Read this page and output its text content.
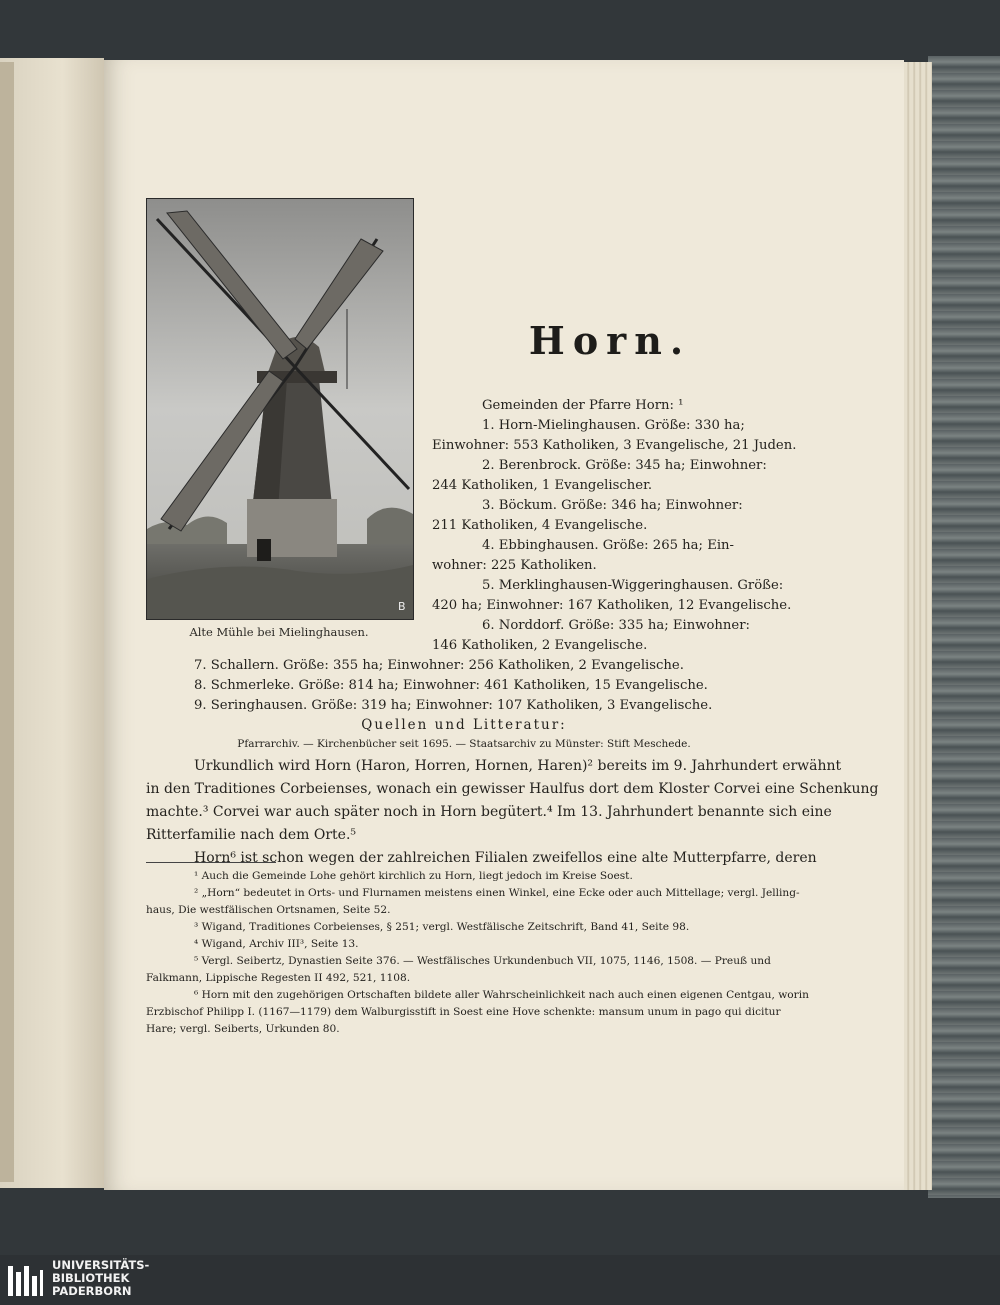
Alte Mühle bei Mielinghausen.
Horn.
Gemeinden der Pfarre Horn: ¹
1. Horn-Mielinghausen. Größe: 330 ha;
Einwohner: 553 Katholiken, 3 Evangelische, 21 Juden.
2. Berenbrock. Größe: 345 ha; Einwohner:
244 Katholiken, 1 Evangelischer.
3. Böckum. Größe: 346 ha; Einwohner:
211 Katholiken, 4 Evangelische.
4. Ebbinghausen. Größe: 265 ha; Ein-
wohner: 225 Katholiken.
5. Merklinghausen-Wiggeringhausen. Größe:
420 ha; Einwohner: 167 Katholiken, 12 Evangelische.
6. Norddorf. Größe: 335 ha; Einwohner:
146 Katholiken, 2 Evangelische.
7. Schallern. Größe: 355 ha; Einwohner: 256 Katholiken, 2 Evangelische.
8. Schmerleke. Größe: 814 ha; Einwohner: 461 Katholiken, 15 Evangelische.
9. Seringhausen. Größe: 319 ha; Einwohner: 107 Katholiken, 3 Evangelische.
Quellen und Litteratur:
Pfarrarchiv. — Kirchenbücher seit 1695. — Staatsarchiv zu Münster: Stift Meschede.
Urkundlich wird Horn (Haron, Horren, Hornen, Haren)² bereits im 9. Jahrhundert erwähnt
in den Traditiones Corbeienses, wonach ein gewisser Haulfus dort dem Kloster Corvei eine Schenkung
machte.³ Corvei war auch später noch in Horn begütert.⁴ Im 13. Jahrhundert benannte sich eine
Ritterfamilie nach dem Orte.⁵
Horn⁶ ist schon wegen der zahlreichen Filialen zweifellos eine alte Mutterpfarre, deren
¹ Auch die Gemeinde Lohe gehört kirchlich zu Horn, liegt jedoch im Kreise Soest.
² „Horn“ bedeutet in Orts- und Flurnamen meistens einen Winkel, eine Ecke oder auch Mittellage; vergl. Jelling-
haus, Die westfälischen Ortsnamen, Seite 52.
³ Wigand, Traditiones Corbeienses, § 251; vergl. Westfälische Zeitschrift, Band 41, Seite 98.
⁴ Wigand, Archiv III³, Seite 13.
⁵ Vergl. Seibertz, Dynastien Seite 376. — Westfälisches Urkundenbuch VII, 1075, 1146, 1508. — Preuß und
Falkmann, Lippische Regesten II 492, 521, 1108.
⁶ Horn mit den zugehörigen Ortschaften bildete aller Wahrscheinlichkeit nach auch einen eigenen Centgau, worin
Erzbischof Philipp I. (1167—1179) dem Walburgisstift in Soest eine Hove schenkte: mansum unum in pago qui dicitur
Hare; vergl. Seiberts, Urkunden 80.
UNIVERSITÄTS-
BIBLIOTHEK
PADERBORN
B
